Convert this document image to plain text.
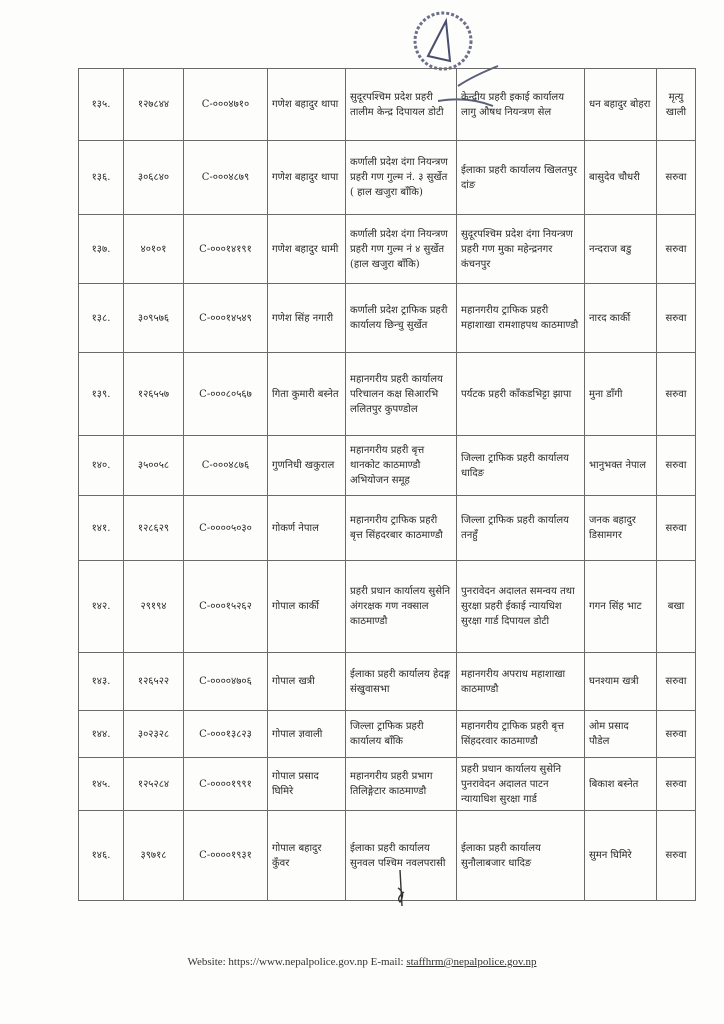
१३५.	१२७८४४	C-०००४७१०	गणेश बहादुर थापा	सुदूरपश्चिम प्रदेश प्रहरी तालीम केन्द्र दिपायल डोटी	केन्द्रीय प्रहरी इकाई कार्यालय लागु औषध नियन्त्रण सेल	धन बहादुर बोहरा	मृत्यु खाली
१३६.	३०६८४०	C-०००४८७९	गणेश बहादुर थापा	कर्णाली प्रदेश दंगा नियन्त्रण प्रहरी गण गुल्म नं. ३ सुर्खेत ( हाल खजुरा बाँकि)	ईलाका प्रहरी कार्यालय खिलतपुर दांङ	बासुदेव चौधरी	सरुवा
१३७.	४०१०१	C-०००१४१९१	गणेश बहादुर धामी	कर्णाली प्रदेश दंगा नियन्त्रण प्रहरी गण गुल्म नं ४ सुर्खेत (हाल खजुरा बाँकि)	सुदूरपश्चिम प्रदेश दंगा नियन्त्रण प्रहरी गण मुका महेन्द्रनगर कंचनपुर	नन्दराज बडु	सरुवा
१३८.	३०९५७६	C-०००१४५४९	गणेश सिंह नगारी	कर्णाली प्रदेश ट्राफिक प्रहरी कार्यालय छिन्चु सुर्खेत	महानगरीय ट्राफिक प्रहरी महाशाखा रामशाहपथ काठमाण्डौ	नारद कार्की	सरुवा
१३९.	१२६५५७	C-०००८०५६७	गिता कुमारी बस्नेत	महानगरीय प्रहरी कार्यालय परिचालन कक्ष सिआरभि ललितपुर कुपण्डोल	पर्यटक प्रहरी काँकडभिट्टा झापा	मुना डाँगी	सरुवा
१४०.	३५००५८	C-०००४८७६	गुणनिधी खकुराल	महानगरीय प्रहरी बृत्त थानकोट काठमाण्डौ अभियोजन समूह	जिल्ला ट्राफिक प्रहरी कार्यालय धादिङ	भानुभक्त नेपाल	सरुवा
१४१.	१२८६२९	C-००००५०३०	गोकर्ण नेपाल	महानगरीय ट्राफिक प्रहरी बृत्त सिंहदरबार काठमाण्डौ	जिल्ला ट्राफिक प्रहरी कार्यालय तनहुँ	जनक बहादुर डिसामगर	सरुवा
१४२.	२९१९४	C-०००१५२६२	गोपाल कार्की	प्रहरी प्रधान कार्यालय सुसेनि अंगरक्षक गण नक्साल काठमाण्डौ	पुनरावेदन अदालत समन्वय तथा सुरक्षा प्रहरी ईकाई न्यायधिश सुरक्षा गार्ड दिपायल डोटी	गगन सिंह भाट	बखा
१४३.	१२६५२२	C-००००४७०६	गोपाल खत्री	ईलाका प्रहरी कार्यालय हेदङ्ग संखुवासभा	महानगरीय अपराध महाशाखा काठमाण्डौ	घनश्याम खत्री	सरुवा
१४४.	३०२३२८	C-०००१३८२३	गोपाल ज्ञवाली	जिल्ला ट्राफिक प्रहरी कार्यालय बाँकि	महानगरीय ट्राफिक प्रहरी बृत्त सिंहदरवार काठमाण्डौ	ओम प्रसाद पौडेल	सरुवा
१४५.	१२५२८४	C-००००१९९१	गोपाल प्रसाद घिमिरे	महानगरीय प्रहरी प्रभाग तिलिङ्गेटार काठमाण्डौ	प्रहरी प्रधान कार्यालय सुसेनि पुनरावेदन अदालत पाटन न्यायाधिश सुरक्षा गार्ड	बिकाश बस्नेत	सरुवा
१४६.	३९७१८	C-००००१९३१	गोपाल बहादुर कुँवर	ईलाका प्रहरी कार्यालय सुनवल पश्चिम नवलपरासी	ईलाका प्रहरी कार्यालय सुनौलाबजार धादिङ	सुमन घिमिरे	सरुवा
Website: https://www.nepalpolice.gov.np E-mail: staffhrm@nepalpolice.gov.np
